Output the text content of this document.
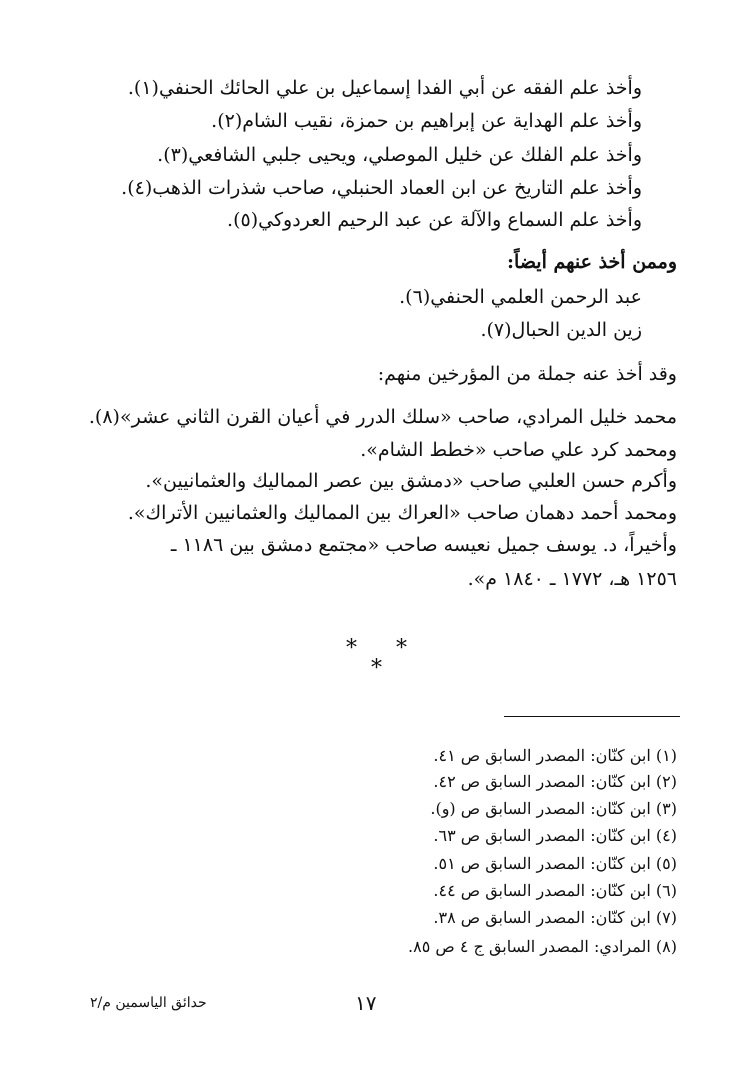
وأخذ علم الفقه عن أبي الفدا إسماعيل بن علي الحائك الحنفي(١).
وأخذ علم الهداية عن إبراهيم بن حمزة، نقيب الشام(٢).
وأخذ علم الفلك عن خليل الموصلي، ويحيى جلبي الشافعي(٣).
وأخذ علم التاريخ عن ابن العماد الحنبلي، صاحب شذرات الذهب(٤).
وأخذ علم السماع والآلة عن عبد الرحيم العردوكي(٥).
وممن أخذ عنهم أيضاً:
عبد الرحمن العلمي الحنفي(٦).
زين الدين الحبال(٧).
وقد أخذ عنه جملة من المؤرخين منهم:
محمد خليل المرادي، صاحب «سلك الدرر في أعيان القرن الثاني عشر»(٨).
ومحمد كرد علي صاحب «خطط الشام».
وأكرم حسن العلبي صاحب «دمشق بين عصر المماليك والعثمانيين».
ومحمد أحمد دهمان صاحب «العراك بين المماليك والعثمانيين الأتراك».
وأخيراً، د. يوسف جميل نعيسه صاحب «مجتمع دمشق بين ١١٨٦ ـ
١٢٥٦ هـ، ١٧٧٢ ـ ١٨٤٠ م».
* *
*
(١) ابن كنّان: المصدر السابق ص ٤١.
(٢) ابن كنّان: المصدر السابق ص ٤٢.
(٣) ابن كنّان: المصدر السابق ص (و).
(٤) ابن كنّان: المصدر السابق ص ٦٣.
(٥) ابن كنّان: المصدر السابق ص ٥١.
(٦) ابن كنّان: المصدر السابق ص ٤٤.
(٧) ابن كنّان: المصدر السابق ص ٣٨.
(٨) المرادي: المصدر السابق ج ٤ ص ٨٥.
١٧
حدائق الياسمين م/٢
